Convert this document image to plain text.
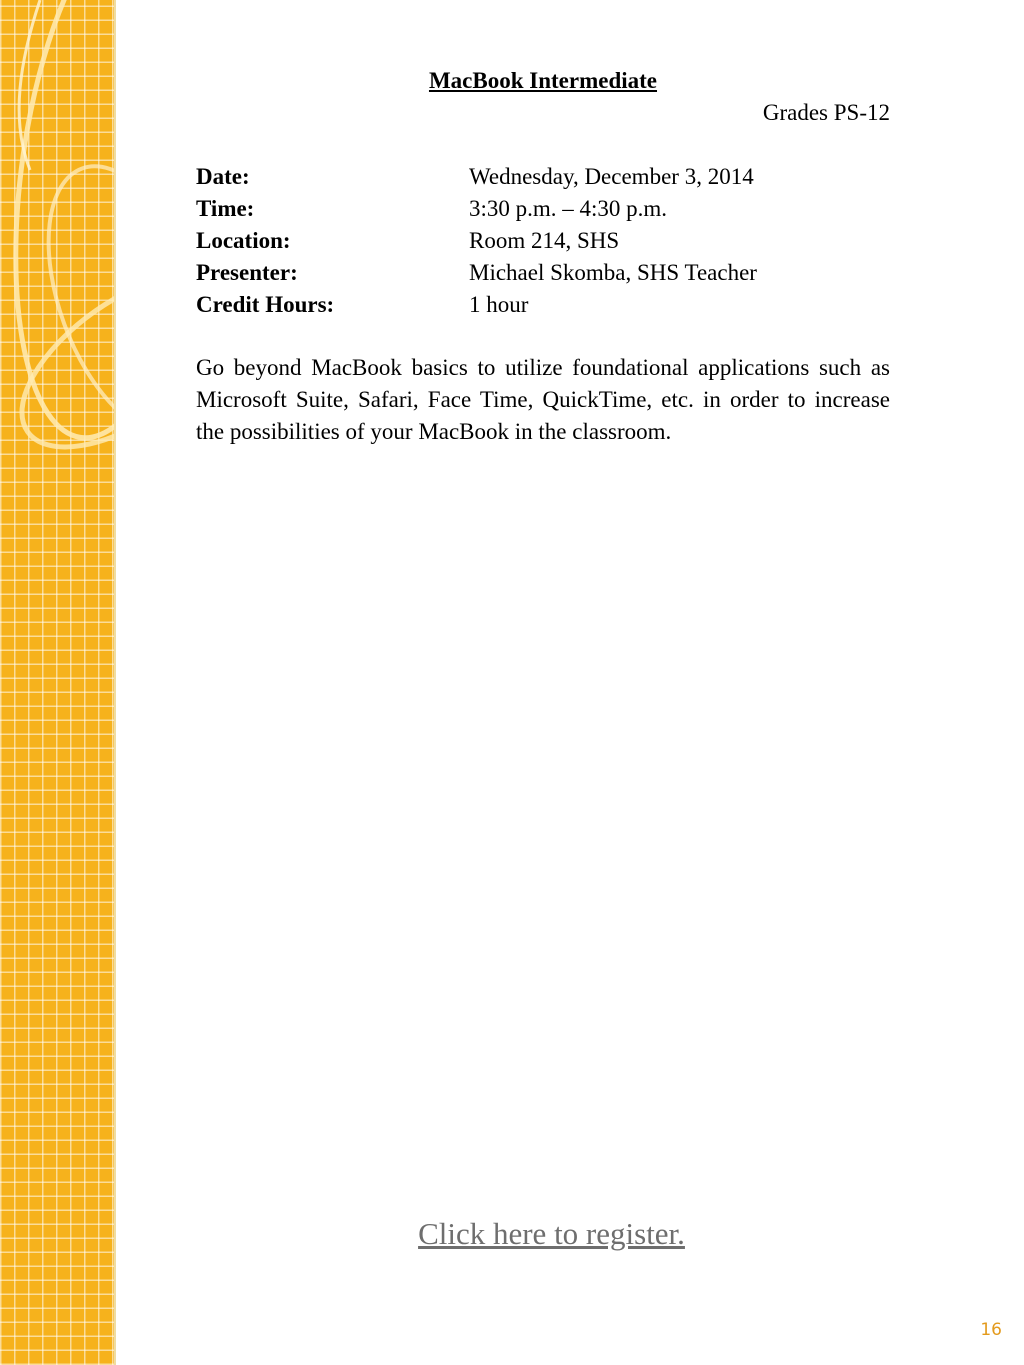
MacBook Intermediate
Grades PS-12
Date:	Wednesday, December 3, 2014
Time:	3:30 p.m. – 4:30 p.m.
Location:	Room 214, SHS
Presenter:	Michael Skomba, SHS Teacher
Credit Hours:	1 hour

Go beyond MacBook basics to utilize foundational applications such as Microsoft Suite, Safari, Face Time, QuickTime, etc. in order to increase the possibilities of your MacBook in the classroom.

Click here to register.
16
